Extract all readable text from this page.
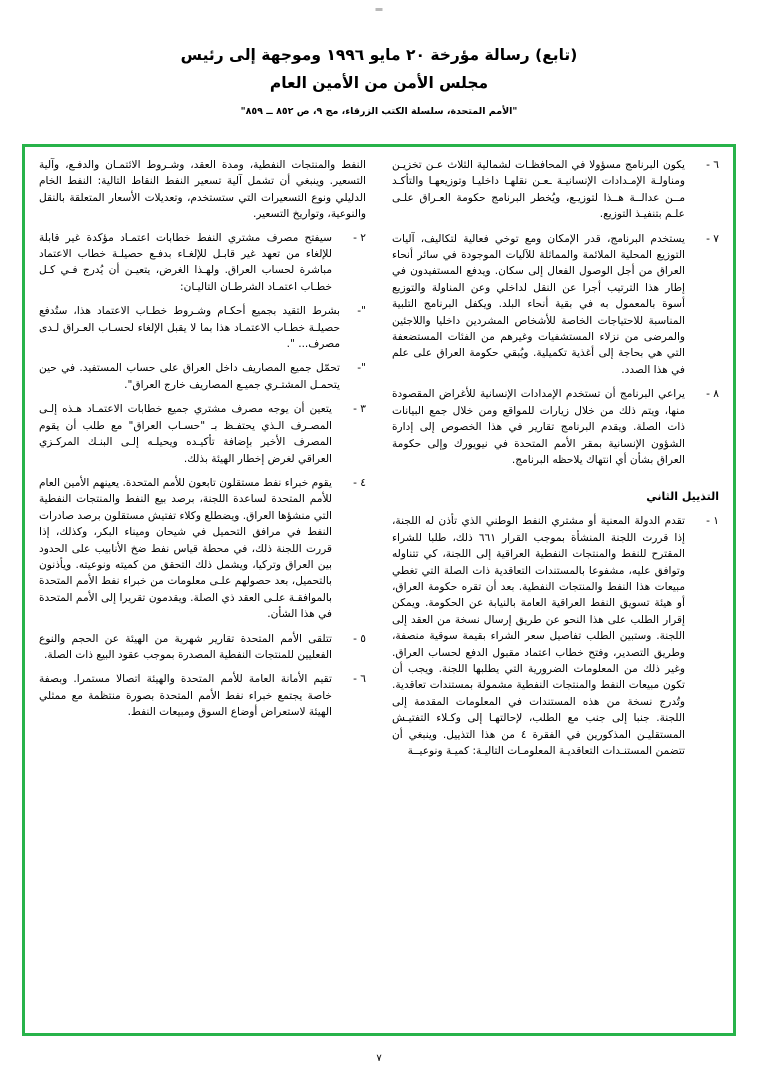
(تابع) رسالة مؤرخة ٢٠ مايو ١٩٩٦ وموجهة إلى رئيس
مجلس الأمن من الأمين العام
"الأمم المتحدة، سلسلة الكتب الزرقاء، مج ٩، ص ٨٥٢ ــ ٨٥٩"
٦ -
يكون البرنامج مسؤولا في المحافظـات لشمالية الثلاث عـن تخزيـن ومناولـة الإمـدادات الإنسانيـة ـعـن نقلهـا داخليـا وتوزيعهـا والتأكـد مــن عدالــة هــذا لتوزيـع، ويُخطر البرنامج حكومة العـراق علـى علـم بتنفيـذ التوزيع.
٧ -
يستخدم البرنامج، قدر الإمكان ومع توخي فعالية لتكاليف، آليات التوزيع المحلية الملائمة والمماثلة للآليات الموجودة في سائر أنحاء العراق من أجل الوصول الفعال إلى سكان. ويدفع المستفيدون في إطار هذا الترتيب أجرا عن النقل لداخلي وعن المناولة والتوزيع أسوة بالمعمول به في بقية أنحاء البلد. ويكفل البرنامج التلبية المناسبة للاحتياجات الخاصة للأشخاص المشردين داخليا واللاجئين والمرضى من نزلاء المستشفيات وغيرهم من الفئات المستضعفة التي هي بحاجة إلى أغذية تكميلية. ويُبقي حكومة العراق على علم في هذا الصدد.
٨ -
يراعي البرنامج أن تستخدم الإمدادات الإنسانية للأغراض المقصودة منها، ويتم ذلك من خلال زيارات للمواقع ومن خلال جمع البيانات ذات الصلة. ويقدم البرنامج تقارير في هذا الخصوص إلى إدارة الشؤون الإنسانية بمقر الأمم المتحدة في نيويورك وإلى حكومة العراق بشأن أي انتهاك يلاحظه البرنامج.
التذييل الثاني
١ -
تقدم الدولة المعنية أو مشتري النفط الوطني الذي تأذن له اللجنة، إذا قررت اللجنة المنشأة بموجب القرار ٦٦١ ذلك، طلبا للشراء المقترح للنفط والمنتجات النفطية العراقية إلى اللجنة، كي تتناوله وتوافق عليه، مشفوعا بالمستندات التعاقدية ذات الصلة التي تغطي مبيعات هذا النفط والمنتجات النفطية. بعد أن تقره حكومة العراق، أو هيئة تسويق النفط العراقية العامة بالنيابة عن الحكومة. ويمكن إقرار الطلب على هذا النحو عن طريق إرسال نسخة من العقد إلى اللجنة. وستبين الطلب تفاصيل سعر الشراء بقيمة سوقية منصفة، وطريق التصدير، وفتح خطاب اعتماد مقبول الدفع لحساب العراق. وغير ذلك من المعلومات الضرورية التي يطلبها اللجنة. ويجب أن تكون مبيعات النفط والمنتجات النفطية مشمولة بمستندات تعاقدية. وتُدرج نسخة من هذه المستندات في المعلومات المقدمة إلى اللجنة. جنبا إلى جنب مع الطلب، لإحالتهـا إلى وكـلاء التفتيـش المستقليـن المذكورين في الفقرة ٤ من هذا التذييل. وينبغي أن تتضمن المستنـدات التعاقديـة المعلومـات التاليـة: كميـة ونوعيــة

النفط والمنتجات النفطية، ومدة العقد، وشـروط الائتمـان والدفـع، وآلية التسعير. وينبغي أن تشمل آلية تسعير النفط النقاط التالية: النفط الخام الدليلي ونوع التسعيرات التي ستستخدم، وتعديلات الأسعار المتعلقة بالنقل والنوعية، وتواريخ التسعير.

٢ -
سيفتح مصرف مشتري النفط خطابات اعتمـاد مؤكدة غير قابلة للإلغاء من تعهد غير قابـل للإلغـاء بدفـع حصيلـة خطاب الاعتماد مباشرة لحساب العراق. ولهـذا الغرض، يتعيـن أن يُدرج فـي كـل خطـاب اعتمـاد الشرطـان التاليـان:
"-
بشرط التقيد بجميع أحكـام وشـروط خطـاب الاعتماد هذا، ستُدفع حصيلـة خطـاب الاعتمـاد هذا بما لا يقبل الإلغاء لحسـاب العـراق لـدى مصرف... ".
"-
تحمّل جميع المصاريف داخل العراق على حساب المستفيد. في حين يتحمـل المشتـري جميـع المصاريف خارج العراق".
٣ -
يتعين أن يوجه مصرف مشتري جميع خطابات الاعتمـاد هـذه إلـى المصـرف الـذي يحتفـظ بـ "حسـاب العراق" مع طلب أن يقوم المصرف الأخير بإضافة تأكيـده ويحيلـه إلـى البنـك المركـزي العراقي لغرض إخطار الهيئة بذلك.
٤ -
يقوم خبراء نفط مستقلون تابعون للأمم المتحدة. يعينهم الأمين العام للأمم المتحدة لساعدة اللجنة، برصد بيع النفط والمنتجات النفطية التي منشؤها العراق. ويضطلع وكلاء تفتيش مستقلون برصد صادرات النفط في مرافق التحميل في شيحان وميناء البكر، وكذلك، إذا قررت اللجنة ذلك، في محطة قياس نفط ضخ الأنابيب على الحدود بين العراق وتركيا، ويشمل ذلك التحقق من كميته ونوعيته. ويأذنون بالتحميل، بعد حصولهم علـى معلومات من خبراء نفط الأمم المتحدة بالموافقـة علـى العقد ذي الصلة. ويقدمون تقريرا إلى الأمم المتحدة في هذا الشأن.
٥ -
تتلقى الأمم المتحدة تقارير شهرية من الهيئة عن الحجم والنوع الفعليين للمنتجات النفطية المصدرة بموجب عقود البيع ذات الصلة.
٦ -
تقيم الأمانة العامة للأمم المتحدة والهيئة اتصالا مستمرا. وبصفة خاصة يجتمع خبراء نفط الأمم المتحدة بصورة منتظمة مع ممثلي الهيئة لاستعراض أوضاع السوق ومبيعات النفط.
٧
